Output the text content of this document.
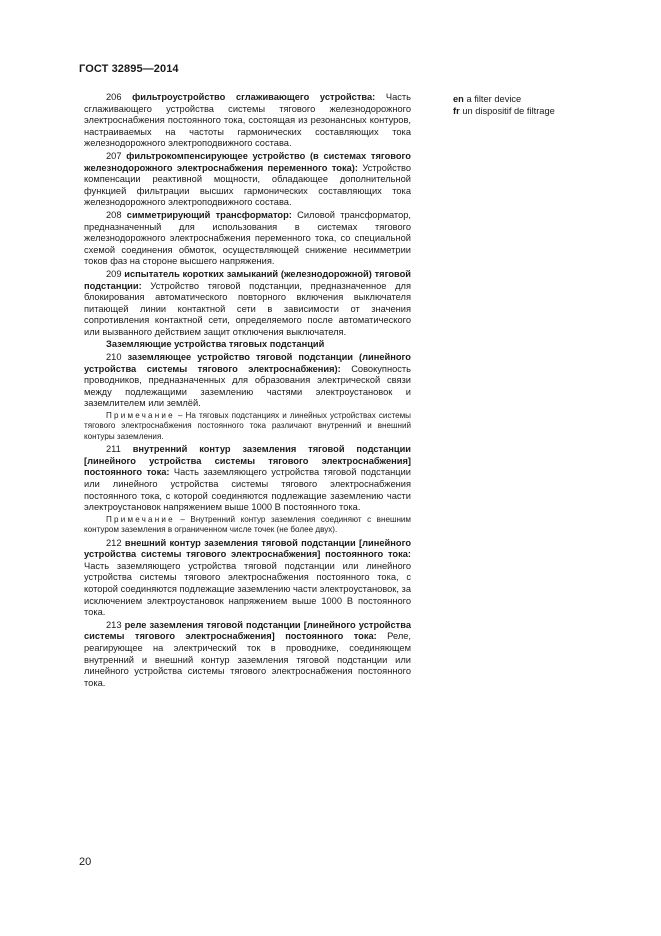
ГОСТ 32895—2014

206 фильтроустройство сглаживающего устройства: Часть сглаживающего устройства системы тягового железнодорожного электроснабжения постоянного тока, состоящая из резонансных контуров, настраиваемых на частоты гармонических составляющих тока железнодорожного электроподвижного состава.

207 фильтрокомпенсирующее устройство (в системах тягового железнодорожного электроснабжения переменного тока): Устройство компенсации реактивной мощности, обладающее дополнительной функцией фильтрации высших гармонических составляющих тока железнодорожного электроподвижного состава.

208 симметрирующий трансформатор: Силовой трансформатор, предназначенный для использования в системах тягового железнодорожного электроснабжения переменного тока, со специальной схемой соединения обмоток, осуществляющей снижение несимметрии токов фаз на стороне высшего напряжения.

209 испытатель коротких замыканий (железнодорожной) тяговой подстанции: Устройство тяговой подстанции, предназначенное для блокирования автоматического повторного включения выключателя питающей линии контактной сети в зависимости от значения сопротивления контактной сети, определяемого после автоматического или вызванного действием защит отключения выключателя.

Заземляющие устройства тяговых подстанций

210 заземляющее устройство тяговой подстанции (линейного устройства системы тягового электроснабжения): Совокупность проводников, предназначенных для образования электрической связи между подлежащими заземлению частями электроустановок и заземлителем или землёй.

Примечание – На тяговых подстанциях и линейных устройствах системы тягового электроснабжения постоянного тока различают внутренний и внешний контуры заземления.

211 внутренний контур заземления тяговой подстанции [линейного устройства системы тягового электроснабжения] постоянного тока: Часть заземляющего устройства тяговой подстанции или линейного устройства системы тягового электроснабжения постоянного тока, с которой соединяются подлежащие заземлению части электроустановок напряжением выше 1000 В постоянного тока.

Примечание – Внутренний контур заземления соединяют с внешним контуром заземления в ограниченном числе точек (не более двух).

212 внешний контур заземления тяговой подстанции [линейного устройства системы тягового электроснабжения] постоянного тока: Часть заземляющего устройства тяговой подстанции или линейного устройства системы тягового электроснабжения постоянного тока, с которой соединяются подлежащие заземлению части электроустановок, за исключением электроустановок напряжением выше 1000 В постоянного тока.

213 реле заземления тяговой подстанции [линейного устройства системы тягового электроснабжения] постоянного тока: Реле, реагирующее на электрический ток в проводнике, соединяющем внутренний и внешний контур заземления тяговой подстанции или линейного устройства системы тягового электроснабжения постоянного тока.

en a filter device
fr un dispositif de filtrage
20
